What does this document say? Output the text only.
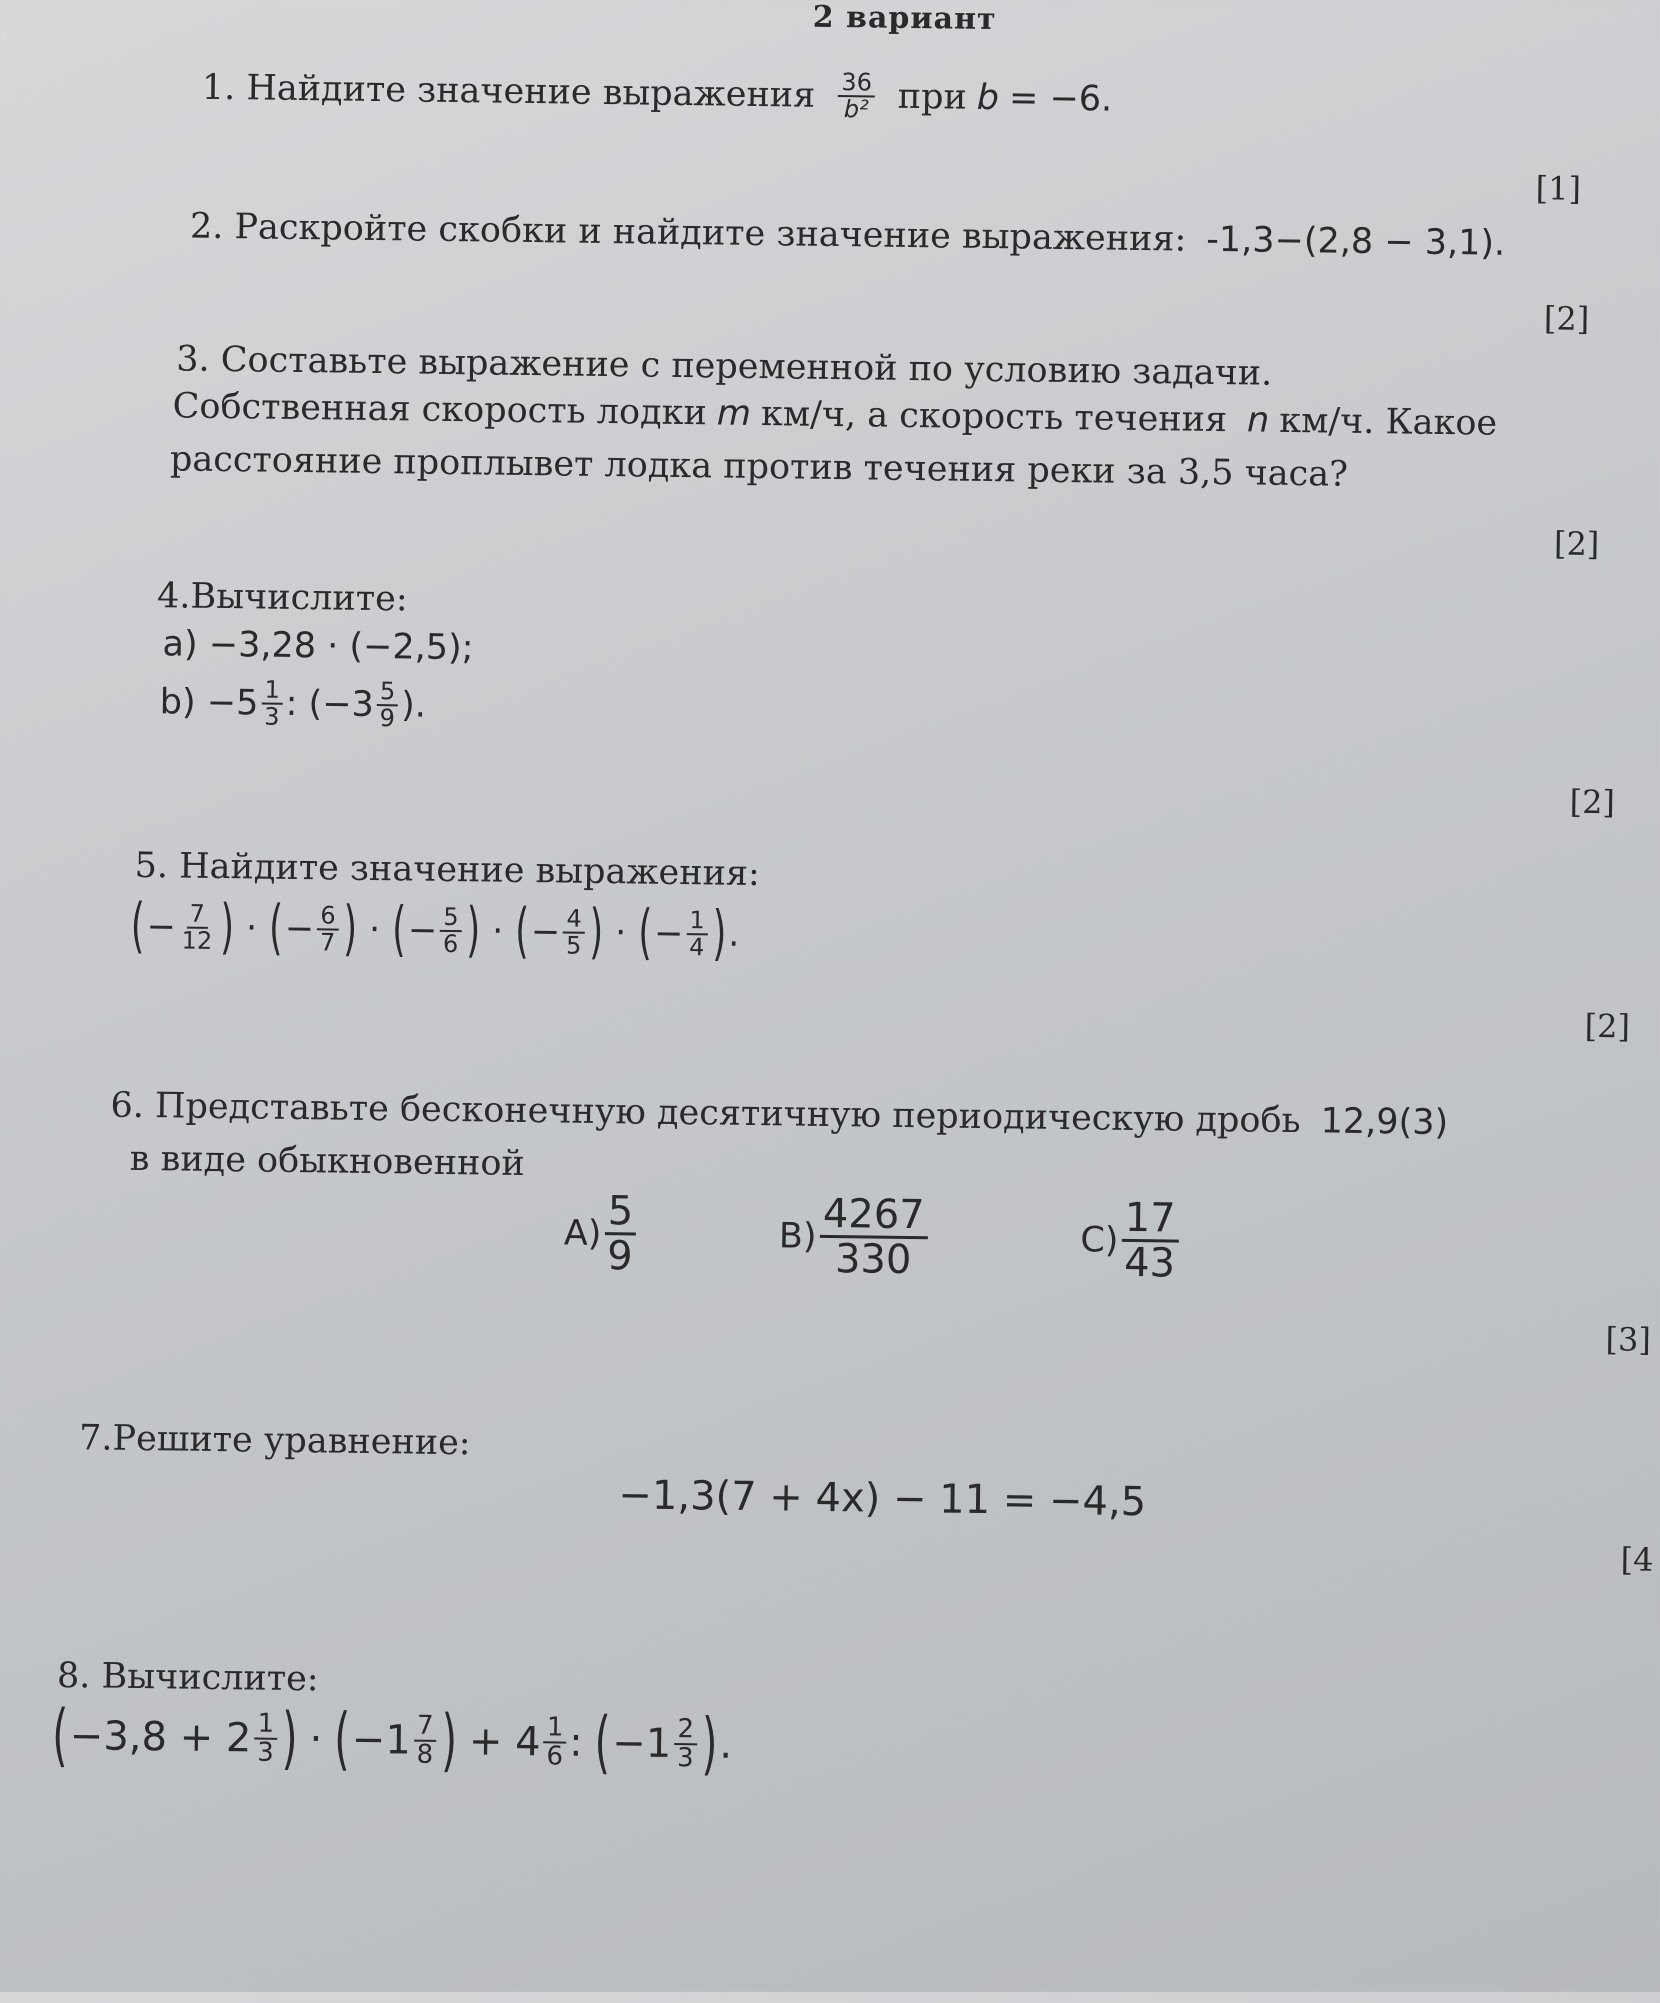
2 вариант
1. Найдите значение выражения $\frac{36}{\text{b²}}$ при b = −6.
[1]
2. Раскройте скобки и найдите значение выражения: -1,3−(2,8 − 3,1).
[2]
3. Составьте выражение с переменной по условию задачи.
Собственная скорость лодки m км/ч, а скорость течения n км/ч. Какое
расстояние проплывет лодка против течения реки за 3,5 часа?
[2]
4.Вычислите:
a) −3,28 · (−2,5);
$b) -5 \frac{1}{3}$ : ($-3 \frac{5}{9}$ ).
[2]
5. Найдите значение выражения:
( − $\frac{7}{12}$ ) · ( − $\frac{6}{7}$ ) · ( − $\frac{5}{6}$ ) · ( − $\frac{4}{5}$ ) · ( − $\frac{1}{4}$ ) .
[2]
6. Представьте бесконечную десятичную периодическую дробь 12,9(3)
в виде обыкновенной
$A) \frac{5}{9}$	$B) \frac{4267}{330}$	$C) \frac{17}{43}$
[3]
7.Решите уравнение:
−1,3(7 + 4x) − 11 = −4,5
[4
8. Вычислите:
( $-3,8 + 2 \frac{1}{3}$ ) · ( $-1 \frac{7}{8}$ ) + $4 \frac{1}{6}$ : ( $-1 \frac{2}{3}$ ) .
